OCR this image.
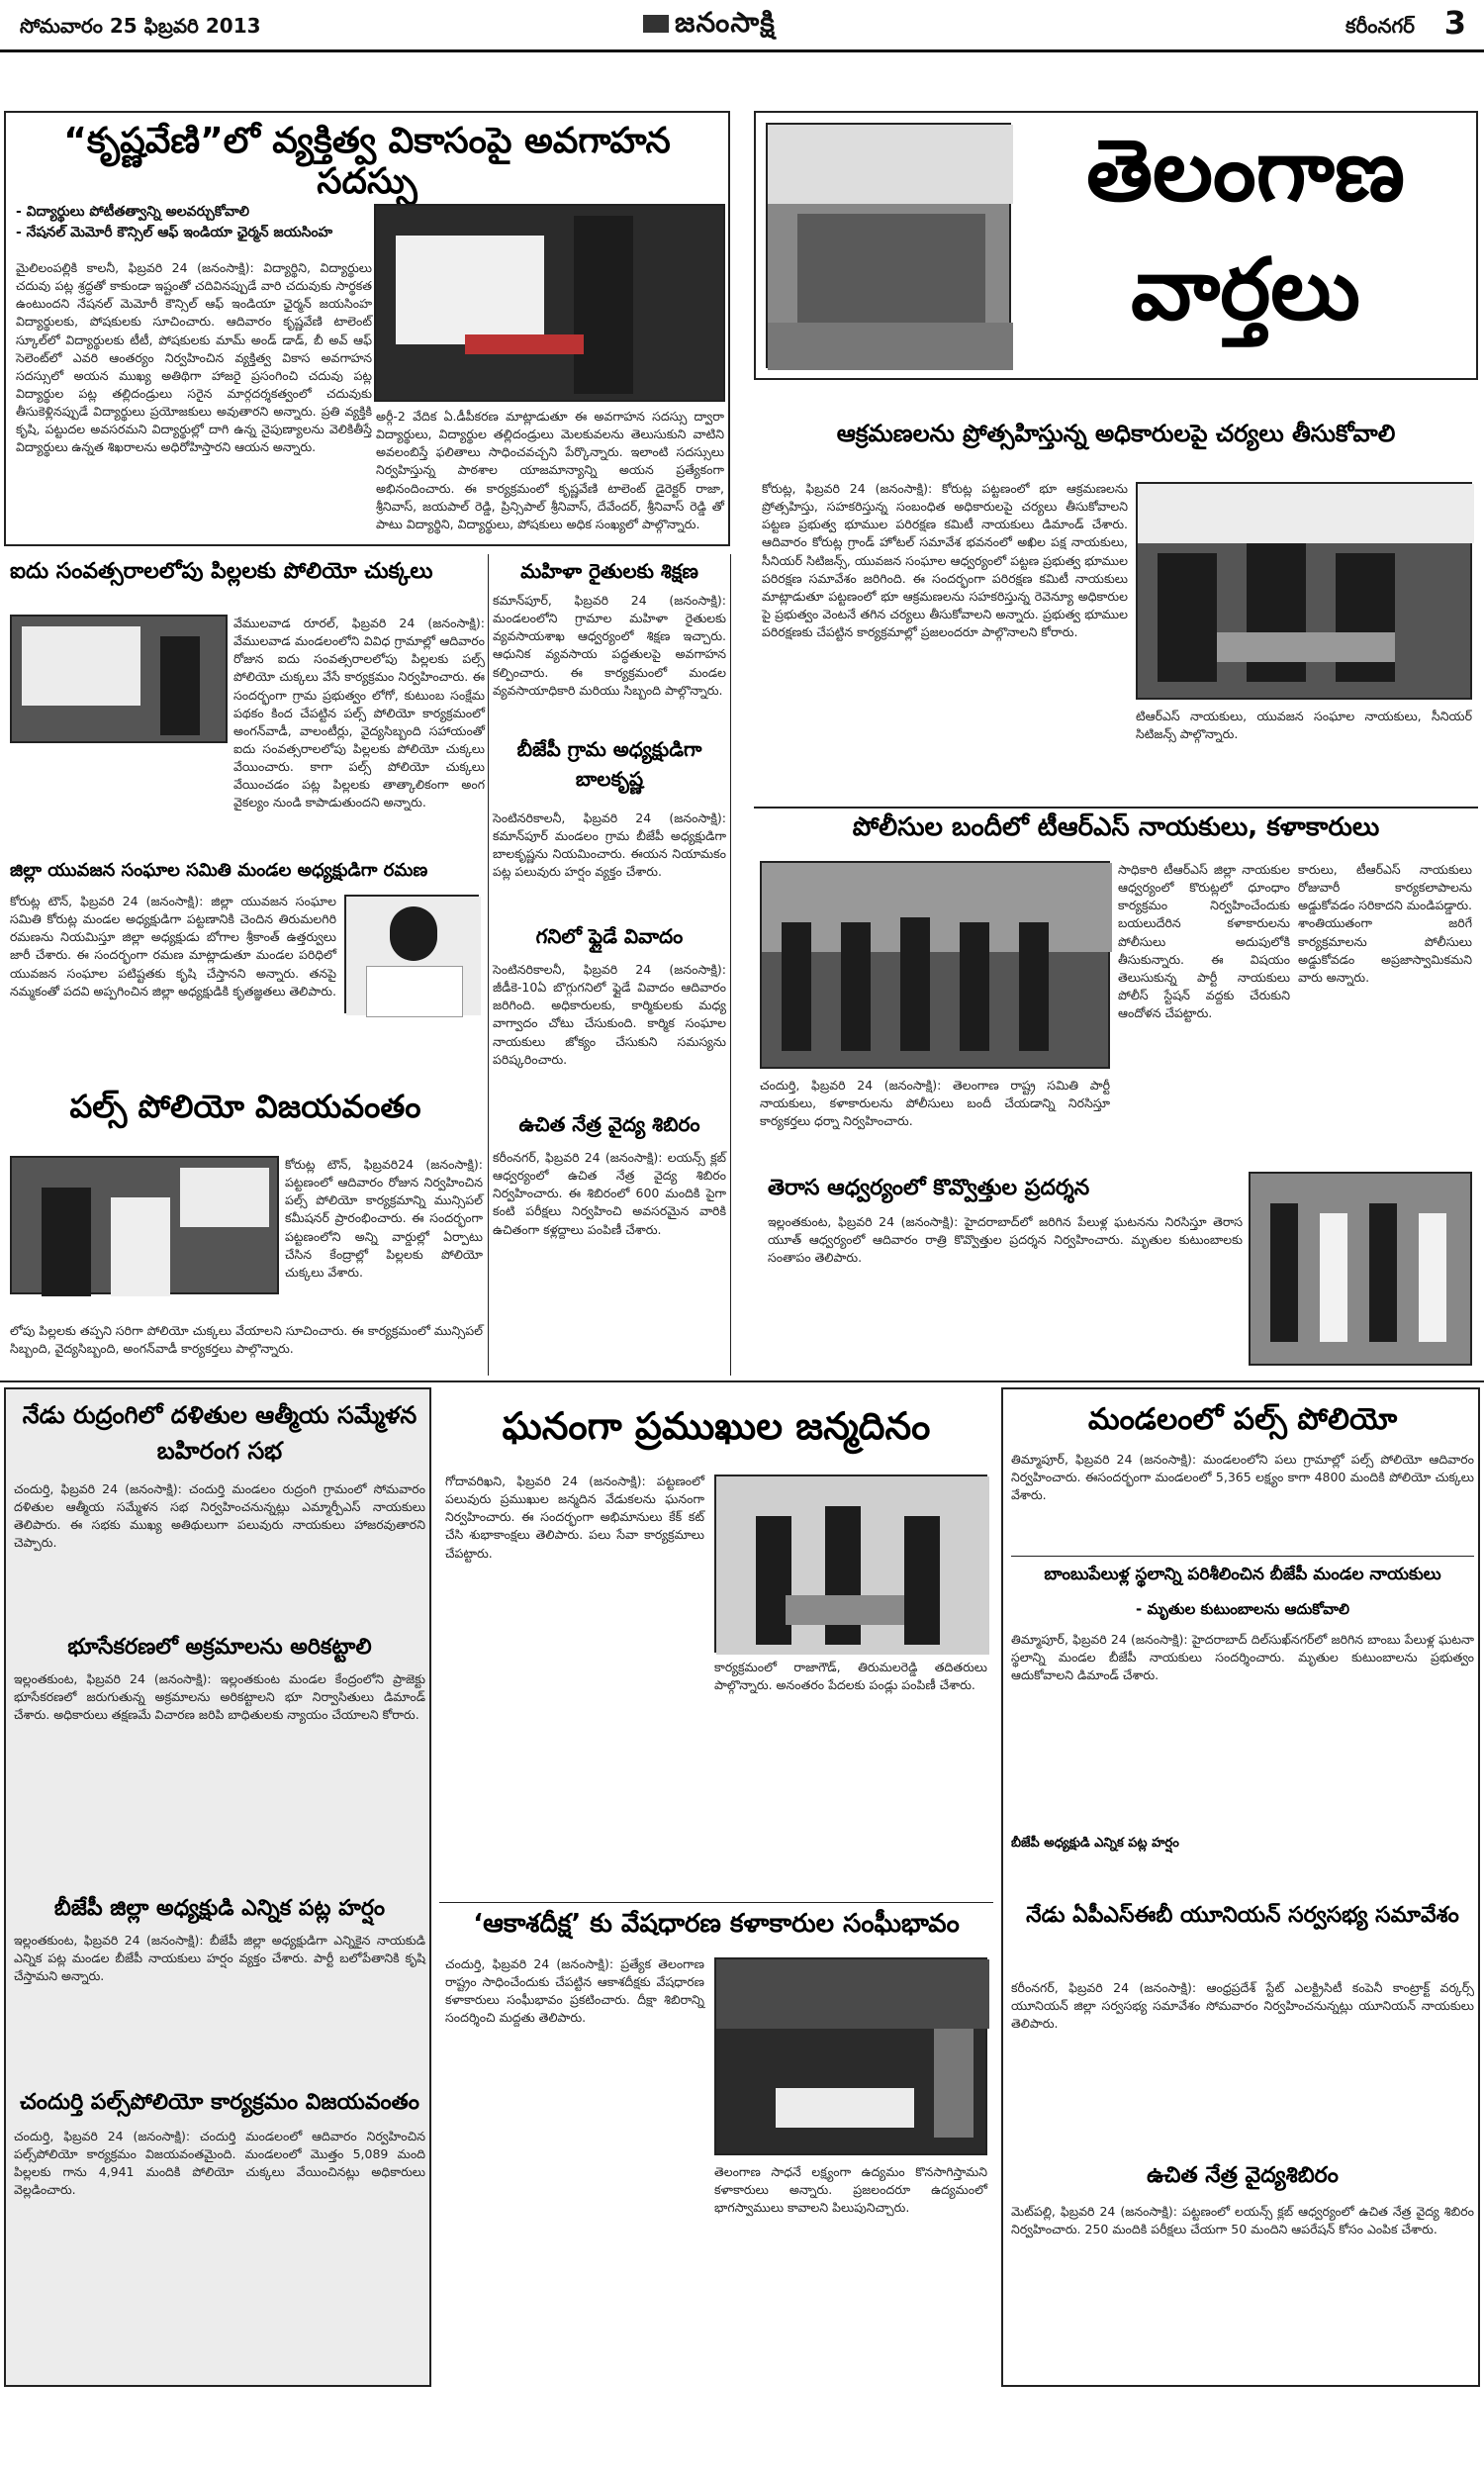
సోమవారం 25 ఫిబ్రవరి 2013	జనంసాక్షి	కరీంనగర్ 3
“కృష్ణవేణి”లో వ్యక్తిత్వ వికాసంపై అవగాహన సదస్సు
- విద్యార్థులు పోటీతత్వాన్ని అలవర్చుకోవాలి
- నేషనల్ మెమోరీ కౌన్సిల్ ఆఫ్ ఇండియా ఛైర్మన్ జయసింహ
మైలిలంపల్లికి కాలనీ, ఫిబ్రవరి 24 (జనంసాక్షి): విద్యార్థిని, విద్యార్థులు చదువు పట్ల శ్రద్ధతో కాకుండా ఇష్టంతో చదివినప్పుడే వారి చదువుకు సార్థకత ఉంటుందని నేషనల్ మెమోరీ కౌన్సిల్ ఆఫ్ ఇండియా ఛైర్మన్ జయసింహ విద్యార్థులకు, పోషకులకు సూచించారు. ఆదివారం కృష్ణవేణి టాలెంట్ స్కూల్‌లో విద్యార్థులకు టీటీ, పోషకులకు మామ్ అండ్ డాడ్, బీ అవ్ ఆఫ్ సెలెంట్‌లో ఎవరి ఆంతర్యం నిర్వహించిన వ్యక్తిత్వ వికాస అవగాహన సదస్సులో అయన ముఖ్య అతిథిగా హాజరై ప్రసంగించి చదువు పట్ల విద్యార్థుల పట్ల తల్లిదండ్రులు సరైన మార్గదర్శకత్వంలో చదువుకు తీసుకెళ్లినప్పుడే విద్యార్థులు ప్రయోజకులు అవుతారని అన్నారు. ప్రతి వ్యక్తికి కృషి, పట్టుదల అవసరమని విద్యార్థుల్లో దాగి ఉన్న నైపుణ్యాలను వెలికితీస్తే విద్యార్థులు ఉన్నత శిఖరాలను అధిరోహిస్తారని ఆయన అన్నారు.
అర్గీ-2 వేదిక ఏ.డీపీకరణ మాట్లాడుతూ ఈ అవగాహన సదస్సు ద్వారా విద్యార్థులు, విద్యార్థుల తల్లిదండ్రులు మెలకువలను తెలుసుకుని వాటిని అవలంబిస్తే ఫలితాలు సాధించవచ్చని పేర్కొన్నారు. ఇలాంటి సదస్సులు నిర్వహిస్తున్న పాఠశాల యాజమాన్యాన్ని అయన ప్రత్యేకంగా అభినందించారు. ఈ కార్యక్రమంలో కృష్ణవేణి టాలెంట్ డైరెక్టర్ రాజా, శ్రీనివాస్, జయపాల్ రెడ్డి, ప్రిన్సిపాల్ శ్రీనివాస్, దేవేందర్, శ్రీనివాస్ రెడ్డి తో పాటు విద్యార్థిని, విద్యార్థులు, పోషకులు అధిక సంఖ్యలో పాల్గొన్నారు.
తెలంగాణ
వార్తలు
ఆక్రమణలను ప్రోత్సహిస్తున్న అధికారులపై చర్యలు తీసుకోవాలి
కోరుట్ల, ఫిబ్రవరి 24 (జనంసాక్షి): కోరుట్ల పట్టణంలో భూ ఆక్రమణలను ప్రోత్సహిస్తు, సహకరిస్తున్న సంబంధిత అధికారులపై చర్యలు తీసుకోవాలని పట్టణ ప్రభుత్వ భూముల పరిరక్షణ కమిటీ నాయకులు డిమాండ్ చేశారు. ఆదివారం కోరుట్ల గ్రాండ్ హోటల్ సమావేశ భవనంలో అఖిల పక్ష నాయకులు, సీనియర్ సిటిజన్స్, యువజన సంఘాల ఆధ్వర్యంలో పట్టణ ప్రభుత్వ భూముల పరిరక్షణ సమావేశం జరిగింది. ఈ సందర్భంగా పరిరక్షణ కమిటీ నాయకులు మాట్లాడుతూ పట్టణంలో భూ ఆక్రమణలను సహకరిస్తున్న రెవెన్యూ అధికారుల పై ప్రభుత్వం వెంటనే తగిన చర్యలు తీసుకోవాలని అన్నారు. ప్రభుత్వ భూముల పరిరక్షణకు చేపట్టిన కార్యక్రమాల్లో ప్రజలందరూ పాల్గొనాలని కోరారు.
టిఆర్ఎస్ నాయకులు, యువజన సంఘాల నాయకులు, సీనియర్ సిటిజన్స్ పాల్గొన్నారు.
ఐదు సంవత్సరాలలోపు పిల్లలకు పోలియో చుక్కలు
వేములవాడ రూరల్, ఫిబ్రవరి 24 (జనంసాక్షి): వేములవాడ మండలంలోని వివిధ గ్రామాల్లో ఆదివారం రోజున ఐదు సంవత్సరాలలోపు పిల్లలకు పల్స్ పోలియో చుక్కలు వేసే కార్యక్రమం నిర్వహించారు. ఈ సందర్భంగా గ్రామ ప్రభుత్వం లోగో, కుటుంబ సంక్షేమ పథకం కింద చేపట్టిన పల్స్ పోలియో కార్యక్రమంలో అంగన్‌వాడీ, వాలంటీర్లు, వైద్యసిబ్బంది సహాయంతో ఐదు సంవత్సరాలలోపు పిల్లలకు పోలియో చుక్కలు వేయించారు. కాగా పల్స్ పోలియో చుక్కలు వేయించడం పట్ల పిల్లలకు తాత్కాలికంగా అంగ వైకల్యం నుండి కాపాడుతుందని అన్నారు.
జిల్లా యువజన సంఘాల సమితి మండల అధ్యక్షుడిగా రమణ
కోరుట్ల టౌన్, ఫిబ్రవరి 24 (జనంసాక్షి): జిల్లా యువజన సంఘాల సమితి కోరుట్ల మండల అధ్యక్షుడిగా పట్టణానికి చెందిన తిరుమలగిరి రమణను నియమిస్తూ జిల్లా అధ్యక్షుడు బోగాల శ్రీకాంత్ ఉత్తర్వులు జారీ చేశారు. ఈ సందర్భంగా రమణ మాట్లాడుతూ మండల పరిధిలో యువజన సంఘాల పటిష్టతకు కృషి చేస్తానని అన్నారు. తనపై నమ్మకంతో పదవి అప్పగించిన జిల్లా అధ్యక్షుడికి కృతజ్ఞతలు తెలిపారు.
పల్స్ పోలియో విజయవంతం
కోరుట్ల టౌన్, ఫిబ్రవరి24 (జనంసాక్షి): పట్టణంలో ఆదివారం రోజున నిర్వహించిన పల్స్ పోలియో కార్యక్రమాన్ని మున్సిపల్ కమీషనర్ ప్రారంభించారు. ఈ సందర్భంగా పట్టణంలోని అన్ని వార్డుల్లో ఏర్పాటు చేసిన కేంద్రాల్లో పిల్లలకు పోలియో చుక్కలు వేశారు.
లోపు పిల్లలకు తప్పని సరిగా పోలియో చుక్కలు వేయాలని సూచించారు. ఈ కార్యక్రమంలో మున్సిపల్ సిబ్బంది, వైద్యసిబ్బంది, అంగన్‌వాడీ కార్యకర్తలు పాల్గొన్నారు.
మహిళా రైతులకు శిక్షణ
కమాన్‌పూర్, ఫిబ్రవరి 24 (జనంసాక్షి): మండలంలోని గ్రామాల మహిళా రైతులకు వ్యవసాయశాఖ ఆధ్వర్యంలో శిక్షణ ఇచ్చారు. ఆధునిక వ్యవసాయ పద్ధతులపై అవగాహన కల్పించారు. ఈ కార్యక్రమంలో మండల వ్యవసాయాధికారి మరియు సిబ్బంది పాల్గొన్నారు.
బీజేపీ గ్రామ అధ్యక్షుడిగా బాలకృష్ణ
సెంటినరికాలనీ, ఫిబ్రవరి 24 (జనంసాక్షి): కమాన్‌పూర్ మండలం గ్రామ బీజేపీ అధ్యక్షుడిగా బాలకృష్ణను నియమించారు. ఈయన నియామకం పట్ల పలువురు హర్షం వ్యక్తం చేశారు.
గనిలో ఫ్లైడే వివాదం
సెంటినరికాలనీ, ఫిబ్రవరి 24 (జనంసాక్షి): జీడీకె-10ఏ బొగ్గుగనిలో ఫ్లైడే వివాదం ఆదివారం జరిగింది. అధికారులకు, కార్మికులకు మధ్య వాగ్వాదం చోటు చేసుకుంది. కార్మిక సంఘాల నాయకులు జోక్యం చేసుకుని సమస్యను పరిష్కరించారు.
ఉచిత నేత్ర వైద్య శిబిరం
కరీంనగర్, ఫిబ్రవరి 24 (జనంసాక్షి): లయన్స్ క్లబ్ ఆధ్వర్యంలో ఉచిత నేత్ర వైద్య శిబిరం నిర్వహించారు. ఈ శిబిరంలో 600 మందికి పైగా కంటి పరీక్షలు నిర్వహించి అవసరమైన వారికి ఉచితంగా కళ్లద్దాలు పంపిణీ చేశారు.
పోలీసుల బందీలో టీఆర్ఎస్ నాయకులు, కళాకారులు
సాధికారి టీఆర్ఎస్ జిల్లా నాయకుల ఆధ్వర్యంలో కొరుట్లలో ధూంధాం కార్యక్రమం నిర్వహించేందుకు బయలుదేరిన కళాకారులను పోలీసులు అదుపులోకి తీసుకున్నారు. ఈ విషయం తెలుసుకున్న పార్టీ నాయకులు పోలీస్ స్టేషన్ వద్దకు చేరుకుని ఆందోళన చేపట్టారు.
కారులు, టీఆర్ఎస్ నాయకులు రోజువారీ కార్యకలాపాలను అడ్డుకోవడం సరికాదని మండిపడ్డారు. శాంతియుతంగా జరిగే కార్యక్రమాలను పోలీసులు అడ్డుకోవడం అప్రజాస్వామికమని వారు అన్నారు.
చందుర్తి, ఫిబ్రవరి 24 (జనంసాక్షి): తెలంగాణ రాష్ట్ర సమితి పార్టీ నాయకులు, కళాకారులను పోలీసులు బందీ చేయడాన్ని నిరసిస్తూ కార్యకర్తలు ధర్నా నిర్వహించారు.
తెరాస ఆధ్వర్యంలో కొవ్వొత్తుల ప్రదర్శన
ఇల్లంతకుంట, ఫిబ్రవరి 24 (జనంసాక్షి): హైదరాబాద్‌లో జరిగిన పేలుళ్ల ఘటనను నిరసిస్తూ తెరాస యూత్ ఆధ్వర్యంలో ఆదివారం రాత్రి కొవ్వొత్తుల ప్రదర్శన నిర్వహించారు. మృతుల కుటుంబాలకు సంతాపం తెలిపారు.
నేడు రుద్రంగిలో దళితుల ఆత్మీయ సమ్మేళన బహిరంగ సభ
చందుర్తి, ఫిబ్రవరి 24 (జనంసాక్షి): చందుర్తి మండలం రుద్రంగి గ్రామంలో సోమవారం దళితుల ఆత్మీయ సమ్మేళన సభ నిర్వహించనున్నట్లు ఎమ్మార్పీఎస్ నాయకులు తెలిపారు. ఈ సభకు ముఖ్య అతిథులుగా పలువురు నాయకులు హాజరవుతారని చెప్పారు.
భూసేకరణలో అక్రమాలను అరికట్టాలి
ఇల్లంతకుంట, ఫిబ్రవరి 24 (జనంసాక్షి): ఇల్లంతకుంట మండల కేంద్రంలోని ప్రాజెక్టు భూసేకరణలో జరుగుతున్న అక్రమాలను అరికట్టాలని భూ నిర్వాసితులు డిమాండ్ చేశారు. అధికారులు తక్షణమే విచారణ జరిపి బాధితులకు న్యాయం చేయాలని కోరారు.
బీజేపీ జిల్లా అధ్యక్షుడి ఎన్నిక పట్ల హర్షం
ఇల్లంతకుంట, ఫిబ్రవరి 24 (జనంసాక్షి): బీజేపీ జిల్లా అధ్యక్షుడిగా ఎన్నికైన నాయకుడి ఎన్నిక పట్ల మండల బీజేపీ నాయకులు హర్షం వ్యక్తం చేశారు. పార్టీ బలోపేతానికి కృషి చేస్తామని అన్నారు.
చందుర్తి పల్స్‌పోలియో కార్యక్రమం విజయవంతం
చందుర్తి, ఫిబ్రవరి 24 (జనంసాక్షి): చందుర్తి మండలంలో ఆదివారం నిర్వహించిన పల్స్‌పోలియో కార్యక్రమం విజయవంతమైంది. మండలంలో మొత్తం 5,089 మంది పిల్లలకు గాను 4,941 మందికి పోలియో చుక్కలు వేయించినట్లు అధికారులు వెల్లడించారు.
ఘనంగా ప్రముఖుల జన్మదినం
గోదావరిఖని, ఫిబ్రవరి 24 (జనంసాక్షి): పట్టణంలో పలువురు ప్రముఖుల జన్మదిన వేడుకలను ఘనంగా నిర్వహించారు. ఈ సందర్భంగా అభిమానులు కేక్ కట్ చేసి శుభాకాంక్షలు తెలిపారు. పలు సేవా కార్యక్రమాలు చేపట్టారు.
కార్యక్రమంలో రాజాగౌడ్, తిరుమలరెడ్డి తదితరులు పాల్గొన్నారు. అనంతరం పేదలకు పండ్లు పంపిణీ చేశారు.
‘ఆకాశదీక్ష’ కు వేషధారణ కళాకారుల సంఘీభావం
చందుర్తి, ఫిబ్రవరి 24 (జనంసాక్షి): ప్రత్యేక తెలంగాణ రాష్ట్రం సాధించేందుకు చేపట్టిన ఆకాశదీక్షకు వేషధారణ కళాకారులు సంఘీభావం ప్రకటించారు. దీక్షా శిబిరాన్ని సందర్శించి మద్దతు తెలిపారు.
తెలంగాణ సాధనే లక్ష్యంగా ఉద్యమం కొనసాగిస్తామని కళాకారులు అన్నారు. ప్రజలందరూ ఉద్యమంలో భాగస్వాములు కావాలని పిలుపునిచ్చారు.
మండలంలో పల్స్ పోలియో
తిమ్మాపూర్, ఫిబ్రవరి 24 (జనంసాక్షి): మండలంలోని పలు గ్రామాల్లో పల్స్ పోలియో ఆదివారం నిర్వహించారు. ఈసందర్భంగా మండలంలో 5,365 లక్ష్యం కాగా 4800 మందికి పోలియో చుక్కలు వేశారు.
బాంబుపేలుళ్ల స్థలాన్ని పరిశీలించిన బీజేపీ మండల నాయకులు
- మృతుల కుటుంబాలను ఆదుకోవాలి
తిమ్మాపూర్, ఫిబ్రవరి 24 (జనంసాక్షి): హైదరాబాద్ దిల్‌సుఖ్‌నగర్‌లో జరిగిన బాంబు పేలుళ్ల ఘటనా స్థలాన్ని మండల బీజేపీ నాయకులు సందర్శించారు. మృతుల కుటుంబాలను ప్రభుత్వం ఆదుకోవాలని డిమాండ్ చేశారు.
బీజేపీ అధ్యక్షుడి ఎన్నిక పట్ల హర్షం
నేడు ఏపీఎస్ఈబీ యూనియన్ సర్వసభ్య సమావేశం
కరీంనగర్, ఫిబ్రవరి 24 (జనంసాక్షి): ఆంధ్రప్రదేశ్ స్టేట్ ఎలక్ట్రిసిటీ కంపెనీ కాంట్రాక్ట్ వర్కర్స్ యూనియన్ జిల్లా సర్వసభ్య సమావేశం సోమవారం నిర్వహించనున్నట్లు యూనియన్ నాయకులు తెలిపారు.
ఉచిత నేత్ర వైద్యశిబిరం
మెట్‌పల్లి, ఫిబ్రవరి 24 (జనంసాక్షి): పట్టణంలో లయన్స్ క్లబ్ ఆధ్వర్యంలో ఉచిత నేత్ర వైద్య శిబిరం నిర్వహించారు. 250 మందికి పరీక్షలు చేయగా 50 మందిని ఆపరేషన్ కోసం ఎంపిక చేశారు.
